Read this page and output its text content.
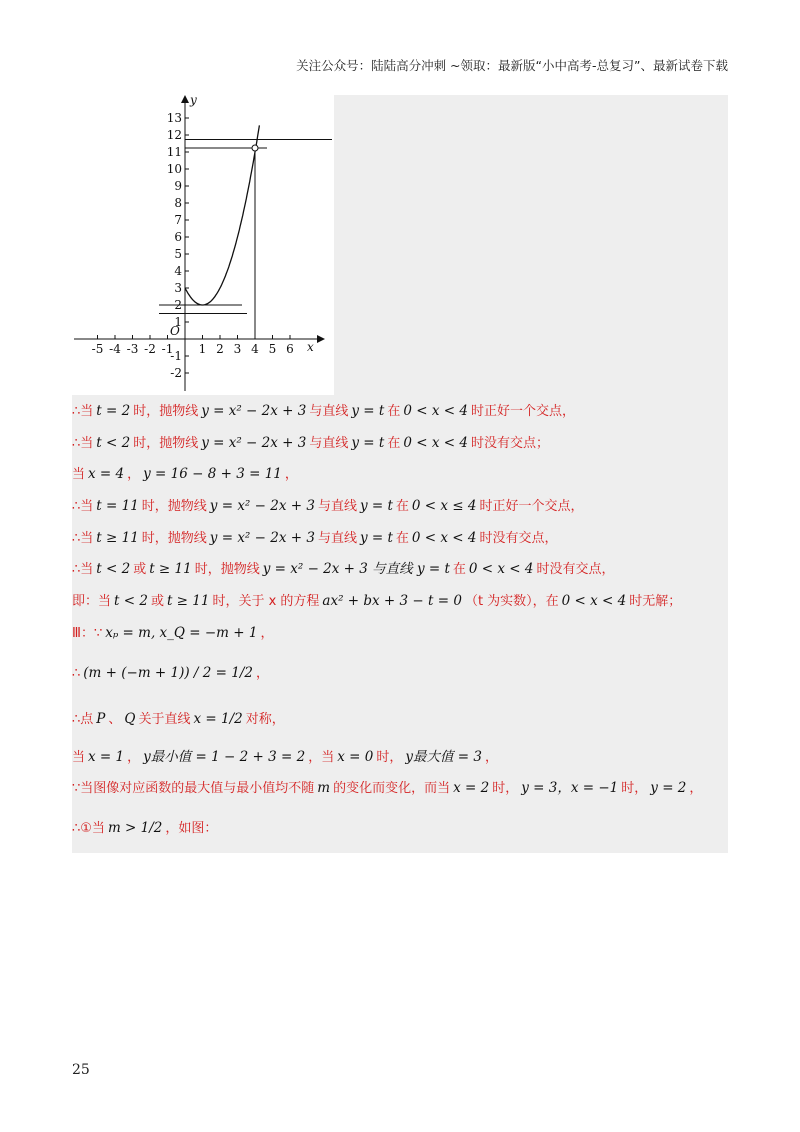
关注公众号：陆陆高分冲刺 ~领取：最新版“小中高考-总复习”、最新试卷下载
y
x
O
13
12
11
10
9
8
7
6
5
4
3
2
1
-1
-2
-5 -4 -3 -2 -1 1 2 3 4 5 6
∴当 t = 2 时，抛物线 y = x² − 2x + 3 与直线 y = t 在 0 < x < 4 时正好一个交点，
∴当 t < 2 时，抛物线 y = x² − 2x + 3 与直线 y = t 在 0 < x < 4 时没有交点；
当 x = 4 ， y = 16 − 8 + 3 = 11 ，
∴当 t = 11 时，抛物线 y = x² − 2x + 3 与直线 y = t 在 0 < x ≤ 4 时正好一个交点，
∴当 t ≥ 11 时，抛物线 y = x² − 2x + 3 与直线 y = t 在 0 < x < 4 时没有交点，
∴当 t < 2 或 t ≥ 11 时，抛物线 y = x² − 2x + 3 与直线 y = t 在 0 < x < 4 时没有交点，
即：当 t < 2 或 t ≥ 11 时，关于 x 的方程 ax² + bx + 3 − t = 0 （t 为实数），在 0 < x < 4 时无解；
Ⅲ：∵ xₚ = m, x_Q = −m + 1 ，
∴ (m + (−m + 1)) / 2 = 1/2 ，
∴点 P 、 Q 关于直线 x = 1/2 对称，
当 x = 1 ， y最小值 = 1 − 2 + 3 = 2 ，当 x = 0 时， y最大值 = 3 ，
∵当图像对应函数的最大值与最小值均不随 m 的变化而变化，而当 x = 2 时， y = 3，x = −1 时， y = 2 ，
∴①当 m > 1/2 ，如图：
25
